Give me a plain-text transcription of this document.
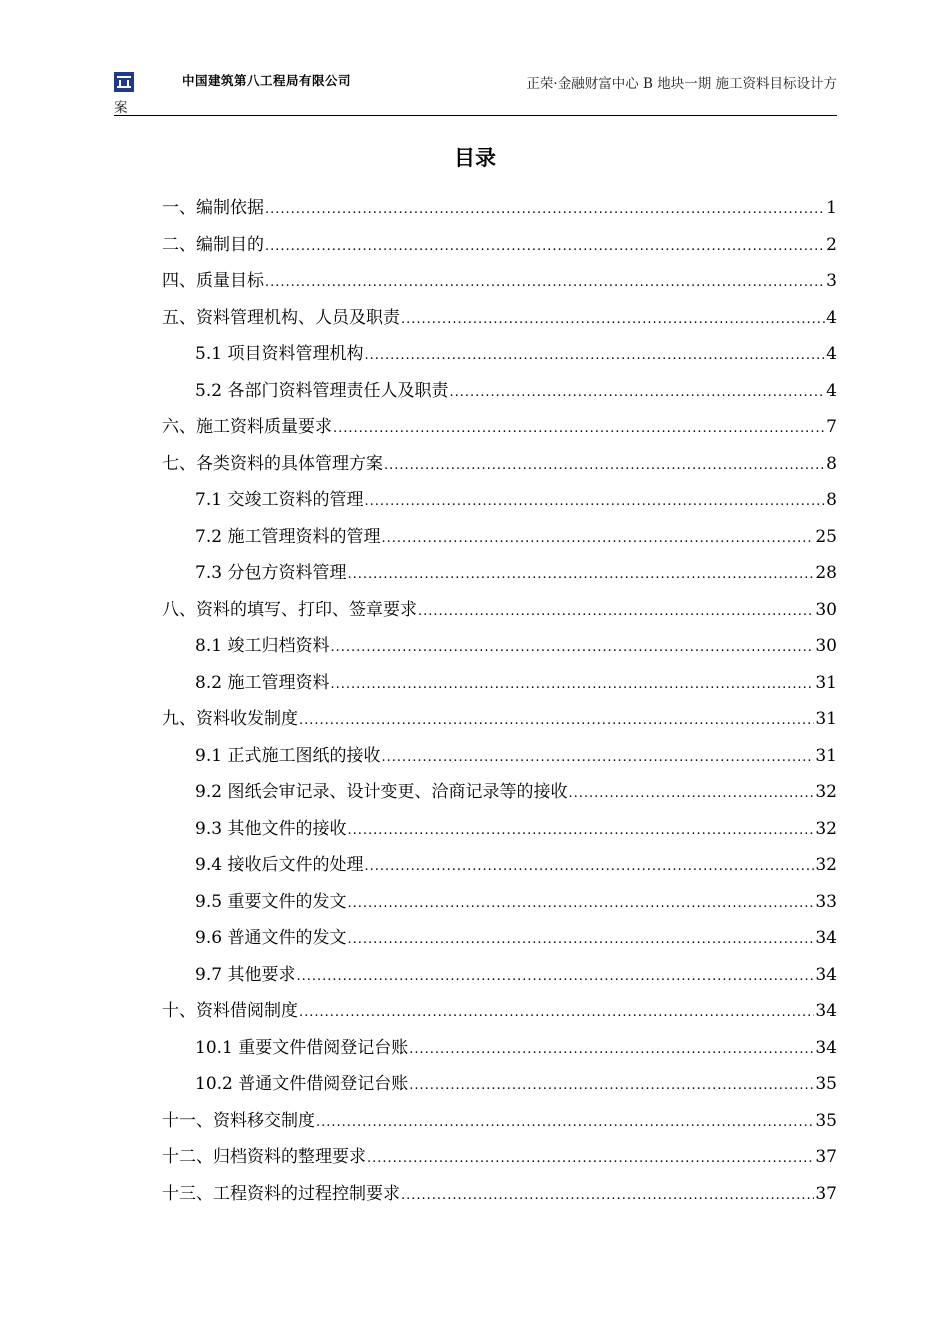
中国建筑第八工程局有限公司	正荣·金融财富中心 B 地块一期 施工资料目标设计方
案
目录
一、编制依据 .....	1
二、编制目的 .....	2
四、质量目标 .....	3
五、资料管理机构、人员及职责 .....	4
5.1 项目资料管理机构 .....	4
5.2 各部门资料管理责任人及职责 .....	4
六、施工资料质量要求 .....	7
七、各类资料的具体管理方案 .....	8
7.1 交竣工资料的管理 .....	8
7.2 施工管理资料的管理 .....	25
7.3 分包方资料管理 .....	28
八、资料的填写、打印、签章要求 .....	30
8.1 竣工归档资料 .....	30
8.2 施工管理资料 .....	31
九、资料收发制度 .....	31
9.1 正式施工图纸的接收 .....	31
9.2 图纸会审记录、设计变更、洽商记录等的接收 .....	32
9.3 其他文件的接收 .....	32
9.4 接收后文件的处理 .....	32
9.5 重要文件的发文 .....	33
9.6 普通文件的发文 .....	34
9.7 其他要求 .....	34
十、资料借阅制度 .....	34
10.1 重要文件借阅登记台账 .....	34
10.2 普通文件借阅登记台账 .....	35
十一、资料移交制度 .....	35
十二、归档资料的整理要求 .....	37
十三、工程资料的过程控制要求 .....	37
